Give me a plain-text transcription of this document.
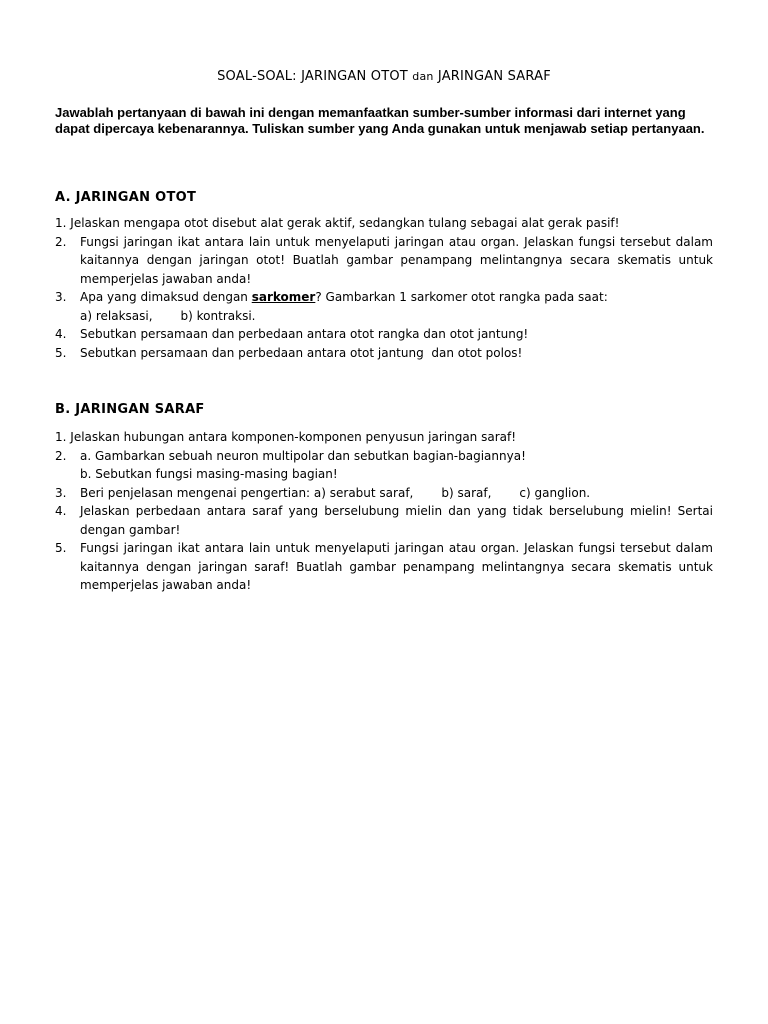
SOAL-SOAL: JARINGAN OTOT dan JARINGAN SARAF
Jawablah pertanyaan di bawah ini dengan memanfaatkan sumber-sumber informasi dari internet yang dapat dipercaya kebenarannya. Tuliskan sumber yang Anda gunakan untuk menjawab setiap pertanyaan.
A. JARINGAN OTOT
1. Jelaskan mengapa otot disebut alat gerak aktif, sedangkan tulang sebagai alat gerak pasif!
2. Fungsi jaringan ikat antara lain untuk menyelaputi jaringan atau organ. Jelaskan fungsi tersebut dalam kaitannya dengan jaringan otot! Buatlah gambar penampang melintangnya secara skematis untuk memperjelas jawaban anda!
3. Apa yang dimaksud dengan sarkomer? Gambarkan 1 sarkomer otot rangka pada saat:
a) relaksasi, b) kontraksi.
4. Sebutkan persamaan dan perbedaan antara otot rangka dan otot jantung!
5. Sebutkan persamaan dan perbedaan antara otot jantung  dan otot polos!
B. JARINGAN SARAF
1. Jelaskan hubungan antara komponen-komponen penyusun jaringan saraf!
2. a. Gambarkan sebuah neuron multipolar dan sebutkan bagian-bagiannya!
b. Sebutkan fungsi masing-masing bagian!
3. Beri penjelasan mengenai pengertian: a) serabut saraf, b) saraf, c) ganglion.
4. Jelaskan perbedaan antara saraf yang berselubung mielin dan yang tidak berselubung mielin! Sertai dengan gambar!
5. Fungsi jaringan ikat antara lain untuk menyelaputi jaringan atau organ. Jelaskan fungsi tersebut dalam kaitannya dengan jaringan saraf! Buatlah gambar penampang melintangnya secara skematis untuk memperjelas jawaban anda!
